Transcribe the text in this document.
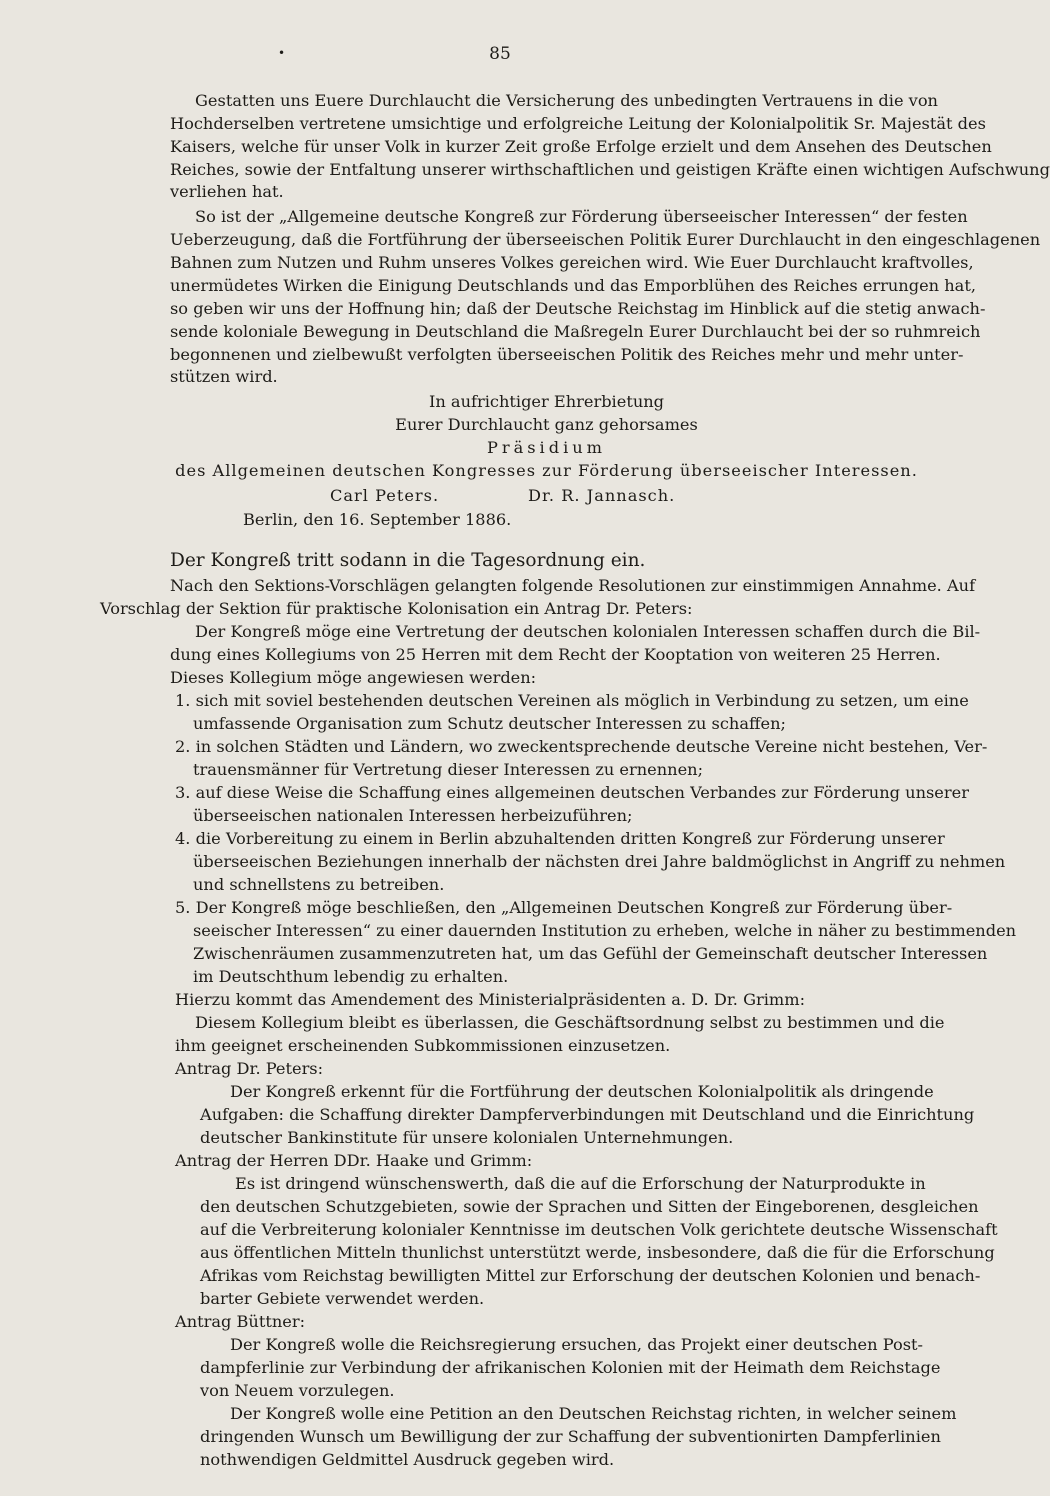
•	85
Gestatten uns Euere Durchlaucht die Versicherung des unbedingten Vertrauens in die von
Hochderselben vertretene umsichtige und erfolgreiche Leitung der Kolonialpolitik Sr. Majestät des
Kaisers, welche für unser Volk in kurzer Zeit große Erfolge erzielt und dem Ansehen des Deutschen
Reiches, sowie der Entfaltung unserer wirthschaftlichen und geistigen Kräfte einen wichtigen Aufschwung
verliehen hat.
So ist der „Allgemeine deutsche Kongreß zur Förderung überseeischer Interessen“ der festen
Ueberzeugung, daß die Fortführung der überseeischen Politik Eurer Durchlaucht in den eingeschlagenen
Bahnen zum Nutzen und Ruhm unseres Volkes gereichen wird. Wie Euer Durchlaucht kraftvolles,
unermüdetes Wirken die Einigung Deutschlands und das Emporblühen des Reiches errungen hat,
so geben wir uns der Hoffnung hin; daß der Deutsche Reichstag im Hinblick auf die stetig anwach-
sende koloniale Bewegung in Deutschland die Maßregeln Eurer Durchlaucht bei der so ruhmreich
begonnenen und zielbewußt verfolgten überseeischen Politik des Reiches mehr und mehr unter-
stützen wird.
In aufrichtiger Ehrerbietung
Eurer Durchlaucht ganz gehorsames
Präsidium
des Allgemeinen deutschen Kongresses zur Förderung überseeischer Interessen.
Carl Peters.	Dr. R. Jannasch.
Berlin, den 16. September 1886.
Der Kongreß tritt sodann in die Tagesordnung ein.
Nach den Sektions-Vorschlägen gelangten folgende Resolutionen zur einstimmigen Annahme. Auf
Vorschlag der Sektion für praktische Kolonisation ein Antrag Dr. Peters:
Der Kongreß möge eine Vertretung der deutschen kolonialen Interessen schaffen durch die Bil-
dung eines Kollegiums von 25 Herren mit dem Recht der Kooptation von weiteren 25 Herren.
Dieses Kollegium möge angewiesen werden:
1. sich mit soviel bestehenden deutschen Vereinen als möglich in Verbindung zu setzen, um eine
umfassende Organisation zum Schutz deutscher Interessen zu schaffen;
2. in solchen Städten und Ländern, wo zweckentsprechende deutsche Vereine nicht bestehen, Ver-
trauensmänner für Vertretung dieser Interessen zu ernennen;
3. auf diese Weise die Schaffung eines allgemeinen deutschen Verbandes zur Förderung unserer
überseeischen nationalen Interessen herbeizuführen;
4. die Vorbereitung zu einem in Berlin abzuhaltenden dritten Kongreß zur Förderung unserer
überseeischen Beziehungen innerhalb der nächsten drei Jahre baldmöglichst in Angriff zu nehmen
und schnellstens zu betreiben.
5. Der Kongreß möge beschließen, den „Allgemeinen Deutschen Kongreß zur Förderung über-
seeischer Interessen“ zu einer dauernden Institution zu erheben, welche in näher zu bestimmenden
Zwischenräumen zusammenzutreten hat, um das Gefühl der Gemeinschaft deutscher Interessen
im Deutschthum lebendig zu erhalten.
Hierzu kommt das Amendement des Ministerialpräsidenten a. D. Dr. Grimm:
Diesem Kollegium bleibt es überlassen, die Geschäftsordnung selbst zu bestimmen und die
ihm geeignet erscheinenden Subkommissionen einzusetzen.
Antrag Dr. Peters:
Der Kongreß erkennt für die Fortführung der deutschen Kolonialpolitik als dringende
Aufgaben: die Schaffung direkter Dampferverbindungen mit Deutschland und die Einrichtung
deutscher Bankinstitute für unsere kolonialen Unternehmungen.
Antrag der Herren DDr. Haake und Grimm:
Es ist dringend wünschenswerth, daß die auf die Erforschung der Naturprodukte in
den deutschen Schutzgebieten, sowie der Sprachen und Sitten der Eingeborenen, desgleichen
auf die Verbreiterung kolonialer Kenntnisse im deutschen Volk gerichtete deutsche Wissenschaft
aus öffentlichen Mitteln thunlichst unterstützt werde, insbesondere, daß die für die Erforschung
Afrikas vom Reichstag bewilligten Mittel zur Erforschung der deutschen Kolonien und benach-
barter Gebiete verwendet werden.
Antrag Büttner:
Der Kongreß wolle die Reichsregierung ersuchen, das Projekt einer deutschen Post-
dampferlinie zur Verbindung der afrikanischen Kolonien mit der Heimath dem Reichstage
von Neuem vorzulegen.
Der Kongreß wolle eine Petition an den Deutschen Reichstag richten, in welcher seinem
dringenden Wunsch um Bewilligung der zur Schaffung der subventionirten Dampferlinien
nothwendigen Geldmittel Ausdruck gegeben wird.
